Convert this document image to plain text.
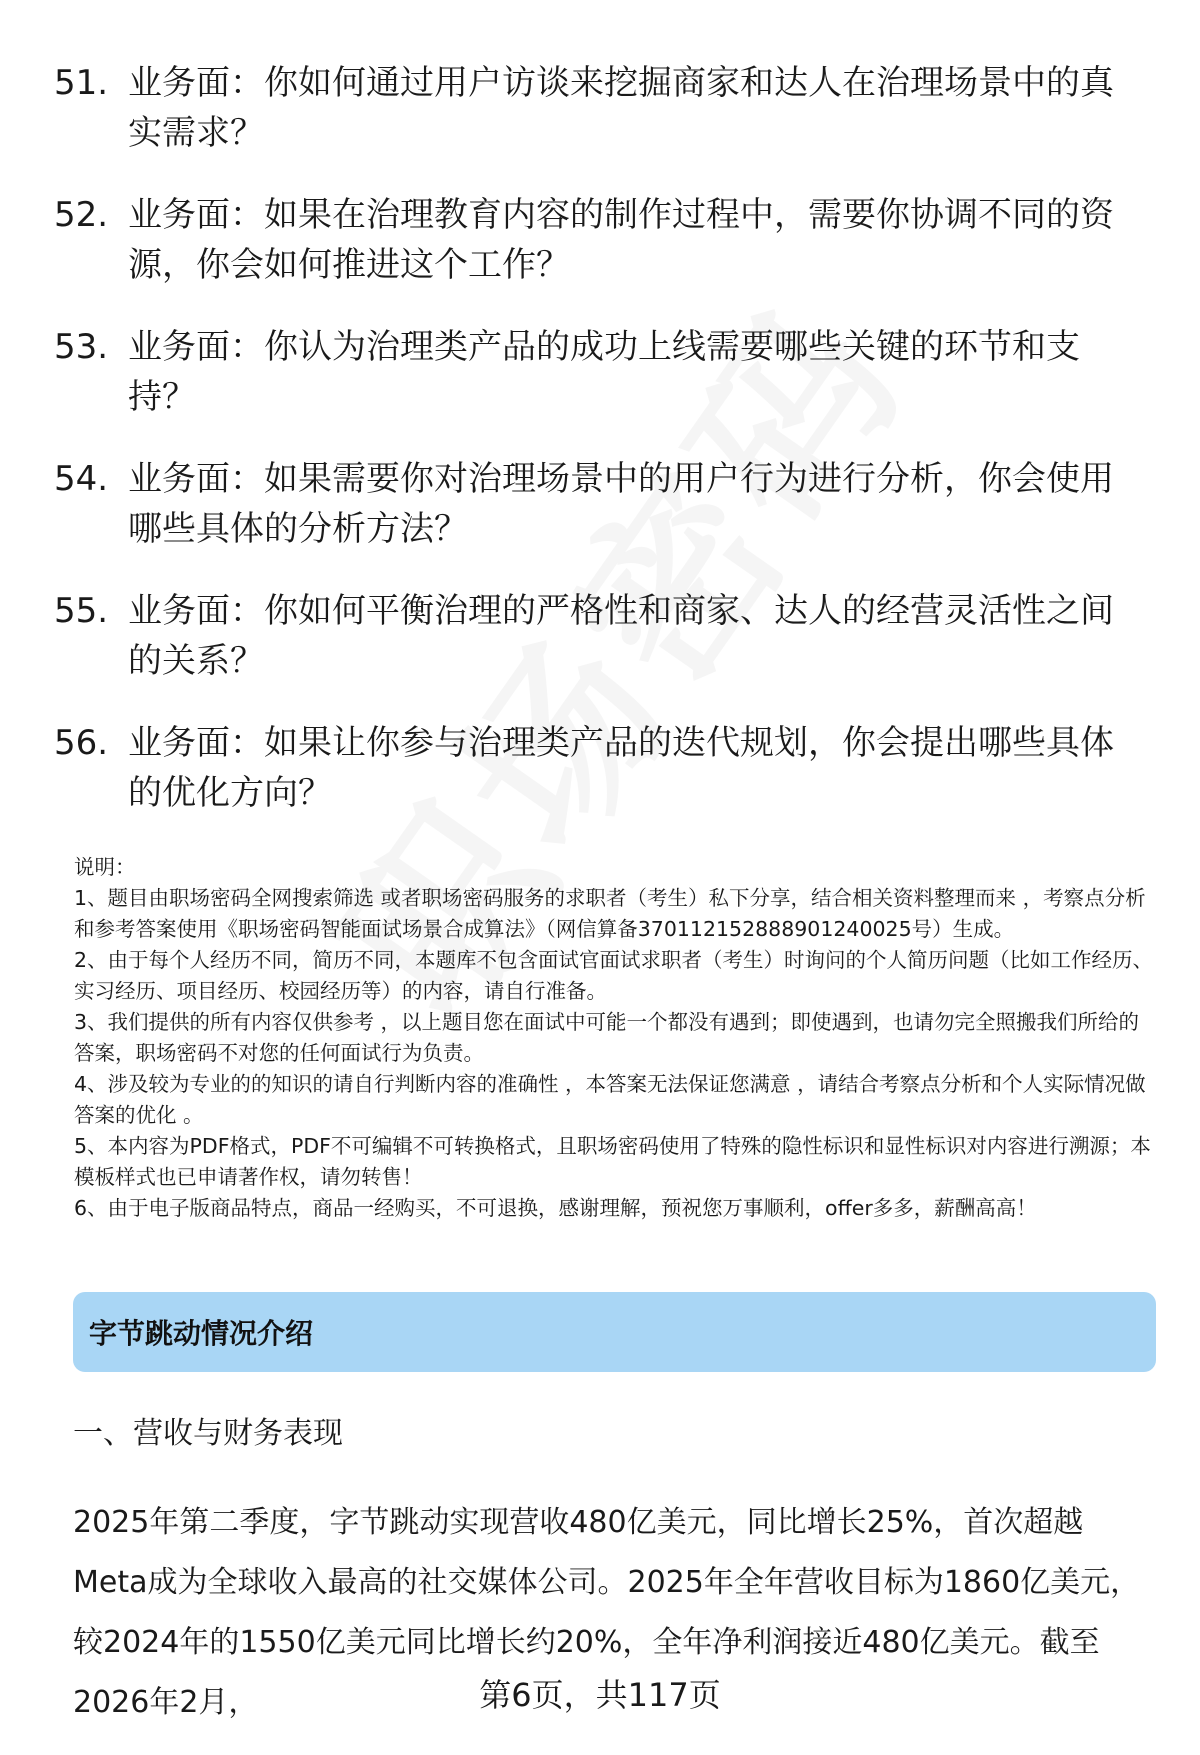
51. 业务面：你如何通过用户访谈来挖掘商家和达人在治理场景中的真实需求？
52. 业务面：如果在治理教育内容的制作过程中，需要你协调不同的资源，你会如何推进这个工作？
53. 业务面：你认为治理类产品的成功上线需要哪些关键的环节和支持？
54. 业务面：如果需要你对治理场景中的用户行为进行分析，你会使用哪些具体的分析方法？
55. 业务面：你如何平衡治理的严格性和商家、达人的经营灵活性之间的关系？
56. 业务面：如果让你参与治理类产品的迭代规划，你会提出哪些具体的优化方向？

说明：

1、题目由职场密码全网搜索筛选 或者职场密码服务的求职者（考生）私下分享，结合相关资料整理而来 ，考察点分析和参考答案使用《职场密码智能面试场景合成算法》（网信算备370112152888901240025号）生成。

2、由于每个人经历不同，简历不同，本题库不包含面试官面试求职者（考生）时询问的个人简历问题（比如工作经历、实习经历、项目经历、校园经历等）的内容，请自行准备。

3、我们提供的所有内容仅供参考 ，以上题目您在面试中可能一个都没有遇到；即使遇到，也请勿完全照搬我们所给的答案，职场密码不对您的任何面试行为负责。

4、涉及较为专业的的知识的请自行判断内容的准确性 ，本答案无法保证您满意 ，请结合考察点分析和个人实际情况做答案的优化 。

5、本内容为PDF格式，PDF不可编辑不可转换格式，且职场密码使用了特殊的隐性标识和显性标识对内容进行溯源；本模板样式也已申请著作权，请勿转售！

6、由于电子版商品特点，商品一经购买，不可退换，感谢理解，预祝您万事顺利，offer多多，薪酬高高！

字节跳动情况介绍
一、营收与财务表现

2025年第二季度，字节跳动实现营收480亿美元，同比增长25%，首次超越Meta成为全球收入最高的社交媒体公司。2025年全年营收目标为1860亿美元，较2024年的1550亿美元同比增长约20%，全年净利润接近480亿美元。截至2026年2月，	第6页，共117页
